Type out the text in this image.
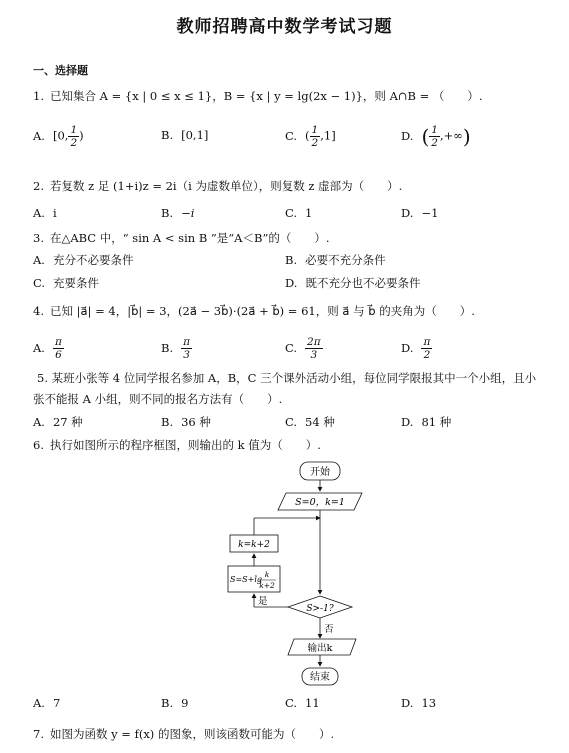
教师招聘高中数学考试习题
一、选择题
1. 已知集合 A = {x | 0 ≤ x ≤ 1}，B = {x | y = lg(2x − 1)}，则 A∩B = （　　）.
A. [0, $\frac{1}{2}$ )	B. [0,1]	C. ( $\frac{1}{2} ,1$]	D. ( $\frac{1}{2}$ ,+∞)
2. 若复数 z 足 (1+i)z = 2i（i 为虚数单位），则复数 z 虚部为（　　）.
A. i	B. −i	C. 1	D. −1
3. 在△ABC 中，“ sin A < sin B ”是“A＜B”的（　　）.
A. 充分不必要条件	B. 必要不充分条件
C. 充要条件	D. 既不充分也不必要条件
4. 已知 |a⃗| = 4，|b⃗| = 3，(2a⃗ − 3b⃗)·(2a⃗ + b⃗) = 61，则 a⃗ 与 b⃗ 的夹角为（　　）.
A. $\frac{\pi}{6}$	B. $\frac{\pi}{3}$	C. $\frac{2\pi}{3}$	D. $\frac{\pi}{2}$
5. 某班小张等 4 位同学报名参加 A，B，C 三个课外活动小组，每位同学限报其中一个小组，且小
张不能报 A 小组，则不同的报名方法有（　　）.
A. 27 种	B. 36 种	C. 54 种	D. 81 种
6. 执行如图所示的程序框图，则输出的 k 值为（　　）.
开始
S=0，k=1
k=k+2
S=S+lg
k
k+2
是
S>-1?
否
输出k
结束
A. 7	B. 9	C. 11	D. 13
7. 如图为函数 y = f(x) 的图象，则该函数可能为（　　）.
